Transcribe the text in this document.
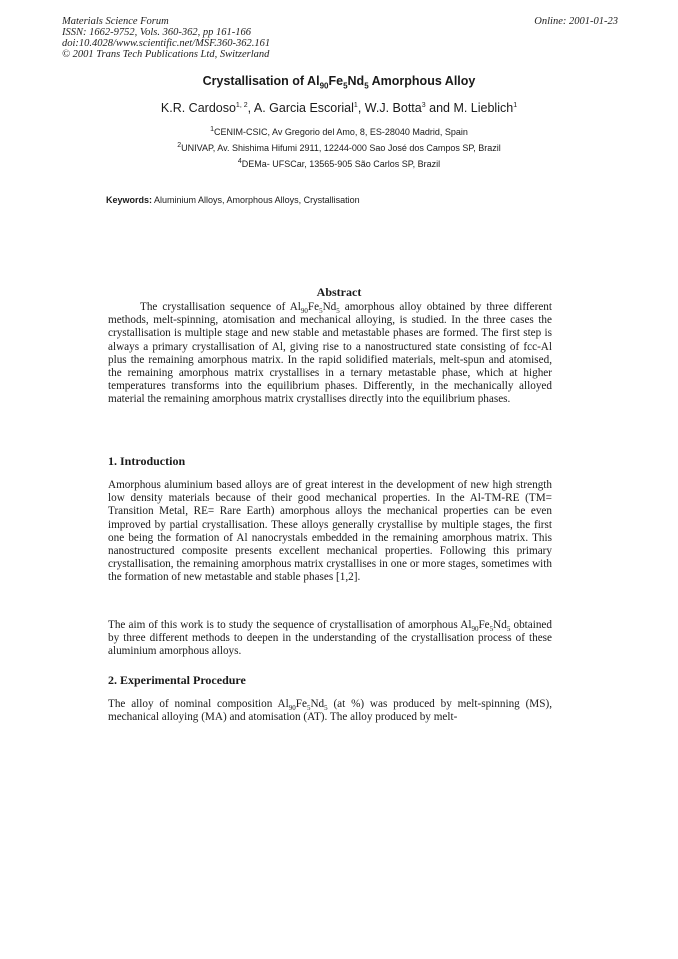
Materials Science Forum
ISSN: 1662-9752, Vols. 360-362, pp 161-166
doi:10.4028/www.scientific.net/MSF.360-362.161
© 2001 Trans Tech Publications Ltd, Switzerland
Online: 2001-01-23
Crystallisation of $Al_{90}Fe_5Nd_5$ Amorphous Alloy
K.R. Cardoso$^{1, 2}$, A. Garcia Escorial$^1$, W.J. Botta$^3$ and M. Lieblich$^1$
$^1$CENIM-CSIC, Av Gregorio del Amo, 8, ES-28040 Madrid, Spain
$^2$UNIVAP, Av. Shishima Hifumi 2911, 12244-000 Sao José dos Campos SP, Brazil
$^4$DEMa- UFSCar, 13565-905 São Carlos SP, Brazil
Keywords: Aluminium Alloys, Amorphous Alloys, Crystallisation
Abstract
The crystallisation sequence of $Al_{90}Fe_5Nd_5$ amorphous alloy obtained by three different methods, melt-spinning, atomisation and mechanical alloying, is studied. In the three cases the crystallisation is multiple stage and new stable and metastable phases are formed. The first step is always a primary crystallisation of Al, giving rise to a nanostructured state consisting of fcc-Al plus the remaining amorphous matrix. In the rapid solidified materials, melt-spun and atomised, the remaining amorphous matrix crystallises in a ternary metastable phase, which at higher temperatures transforms into the equilibrium phases. Differently, in the mechanically alloyed material the remaining amorphous matrix crystallises directly into the equilibrium phases.
1. Introduction
Amorphous aluminium based alloys are of great interest in the development of new high strength low density materials because of their good mechanical properties. In the Al-TM-RE (TM= Transition Metal, RE= Rare Earth) amorphous alloys the mechanical properties can be even improved by partial crystallisation. These alloys generally crystallise by multiple stages, the first one being the formation of Al nanocrystals embedded in the remaining amorphous matrix. This nanostructured composite presents excellent mechanical properties. Following this primary crystallisation, the remaining amorphous matrix crystallises in one or more stages, sometimes with the formation of new metastable and stable phases [1,2].
The aim of this work is to study the sequence of crystallisation of amorphous $Al_{90}Fe_5Nd_5$ obtained by three different methods to deepen in the understanding of the crystallisation process of these aluminium amorphous alloys.
2. Experimental Procedure
The alloy of nominal composition $Al_{90}Fe_5Nd_5$ (at %) was produced by melt-spinning (MS), mechanical alloying (MA) and atomisation (AT). The alloy produced by melt-
